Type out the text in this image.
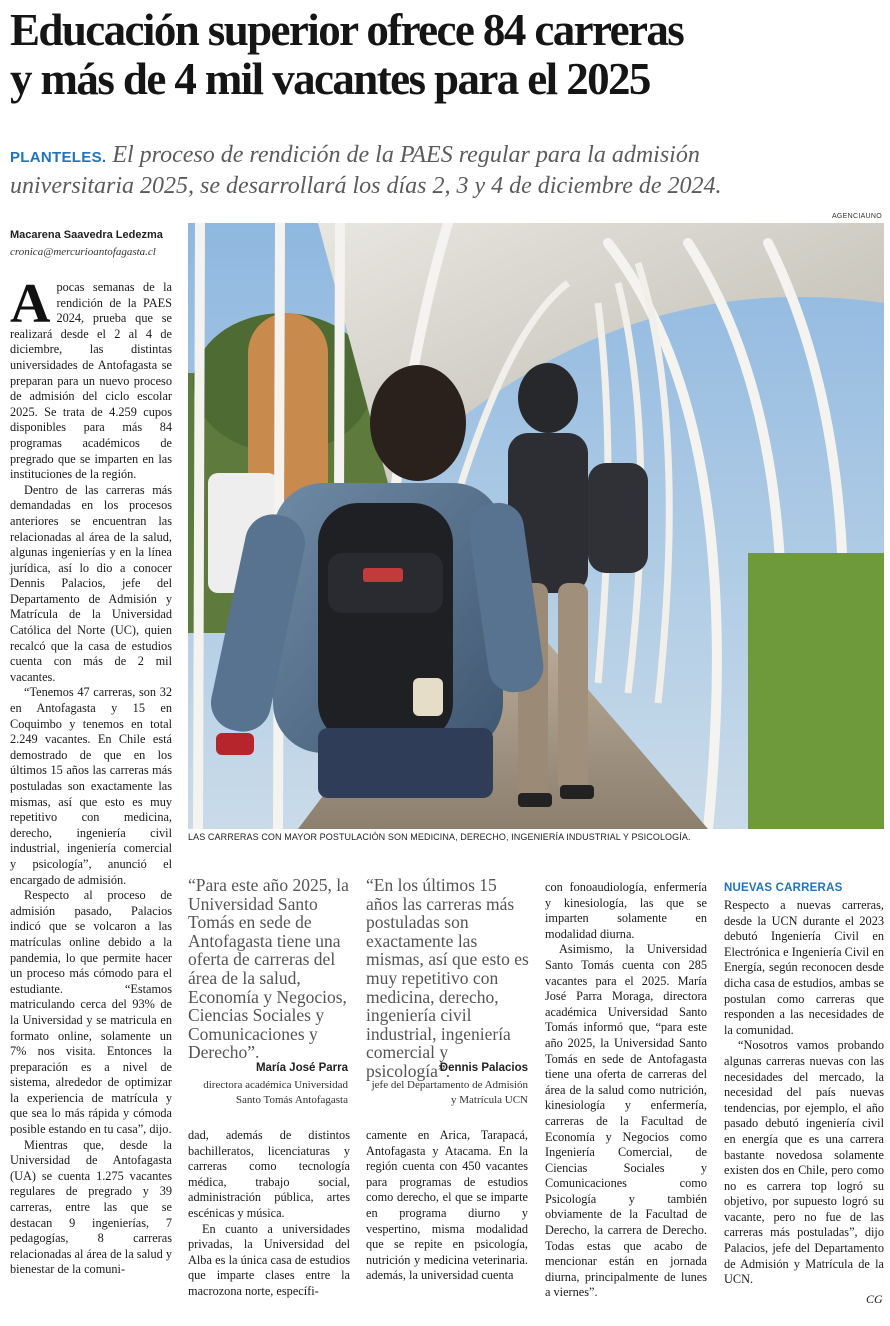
Educación superior ofrece 84 carreras
y más de 4 mil vacantes para el 2025
PLANTELES. El proceso de rendición de la PAES regular para la admisión
universitaria 2025, se desarrollará los días 2, 3 y 4 de diciembre de 2024.
Macarena Saavedra Ledezma
cronica@mercurioantofagasta.cl
AGENCIAUNO
LAS CARRERAS CON MAYOR POSTULACIÓN SON MEDICINA, DERECHO, INGENIERÍA INDUSTRIAL Y PSICOLOGÍA.

Apocas semanas de la rendición de la PAES 2024, prueba que se realizará desde el 2 al 4 de diciembre, las distintas universidades de Antofagasta se preparan para un nuevo proceso de admisión del ciclo escolar 2025. Se trata de 4.259 cupos disponibles para más 84 programas académicos de pregrado que se imparten en las instituciones de la región.

Dentro de las carreras más demandadas en los procesos anteriores se encuentran las relacionadas al área de la salud, algunas ingenierías y en la línea jurídica, así lo dio a conocer Dennis Palacios, jefe del Departamento de Admisión y Matrícula de la Universidad Católica del Norte (UC), quien recalcó que la casa de estudios cuenta con más de 2 mil vacantes.

“Tenemos 47 carreras, son 32 en Antofagasta y 15 en Coquimbo y tenemos en total 2.249 vacantes. En Chile está demostrado de que en los últimos 15 años las carreras más postuladas son exactamente las mismas, así que esto es muy repetitivo con medicina, derecho, ingeniería civil industrial, ingeniería comercial y psicología”, anunció el encargado de admisión.

Respecto al proceso de admisión pasado, Palacios indicó que se volcaron a las matrículas online debido a la pandemia, lo que permite hacer un proceso más cómodo para el estudiante. “Estamos matriculando cerca del 93% de la Universidad y se matricula en formato online, solamente un 7% nos visita. Entonces la preparación es a nivel de sistema, alrededor de optimizar la experiencia de matrícula y que sea lo más rápida y cómoda posible estando en tu casa”, dijo.

Mientras que, desde la Universidad de Antofagasta (UA) se cuenta 1.275 vacantes regulares de pregrado y 39 carreras, entre las que se destacan 9 ingenierías, 7 pedagogías, 8 carreras relacionadas al área de la salud y bienestar de la comuni-

“Para este año 2025, la Universidad Santo Tomás en sede de Antofagasta tiene una oferta de carreras del área de la salud, Economía y Negocios, Ciencias Sociales y Comunicaciones y Derecho”.
María José Parra
directora académica Universidad Santo Tomás Antofagasta
“En los últimos 15 años las carreras más postuladas son exactamente las mismas, así que esto es muy repetitivo con medicina, derecho, ingeniería civil industrial, ingeniería comercial y psicología”.
Dennis Palacios
jefe del Departamento de Admisión y Matrícula UCN

dad, además de distintos bachilleratos, licenciaturas y carreras como tecnología médica, trabajo social, administración pública, artes escénicas y música.

En cuanto a universidades privadas, la Universidad del Alba es la única casa de estudios que imparte clases entre la macrozona norte, específi-

camente en Arica, Tarapacá, Antofagasta y Atacama. En la región cuenta con 450 vacantes para programas de estudios como derecho, el que se imparte en programa diurno y vespertino, misma modalidad que se repite en psicología, nutrición y medicina veterinaria. además, la universidad cuenta

con fonoaudiología, enfermería y kinesiología, las que se imparten solamente en modalidad diurna.

Asimismo, la Universidad Santo Tomás cuenta con 285 vacantes para el 2025. María José Parra Moraga, directora académica Universidad Santo Tomás informó que, “para este año 2025, la Universidad Santo Tomás en sede de Antofagasta tiene una oferta de carreras del área de la salud como nutrición, kinesiología y enfermería, carreras de la Facultad de Economía y Negocios como Ingeniería Comercial, de Ciencias Sociales y Comunicaciones como Psicología y también obviamente de la Facultad de Derecho, la carrera de Derecho. Todas estas que acabo de mencionar están en jornada diurna, principalmente de lunes a viernes”.

NUEVAS CARRERAS

Respecto a nuevas carreras, desde la UCN durante el 2023 debutó Ingeniería Civil en Electrónica e Ingeniería Civil en Energía, según reconocen desde dicha casa de estudios, ambas se postulan como carreras que responden a las necesidades de la comunidad.

“Nosotros vamos probando algunas carreras nuevas con las necesidades del mercado, la necesidad del país nuevas tendencias, por ejemplo, el año pasado debutó ingeniería civil en energía que es una carrera bastante novedosa solamente existen dos en Chile, pero como no es carrera top logró su objetivo, por supuesto logró su vacante, pero no fue de las carreras más postuladas”, dijo Palacios, jefe del Departamento de Admisión y Matrícula de la UCN.

CG
